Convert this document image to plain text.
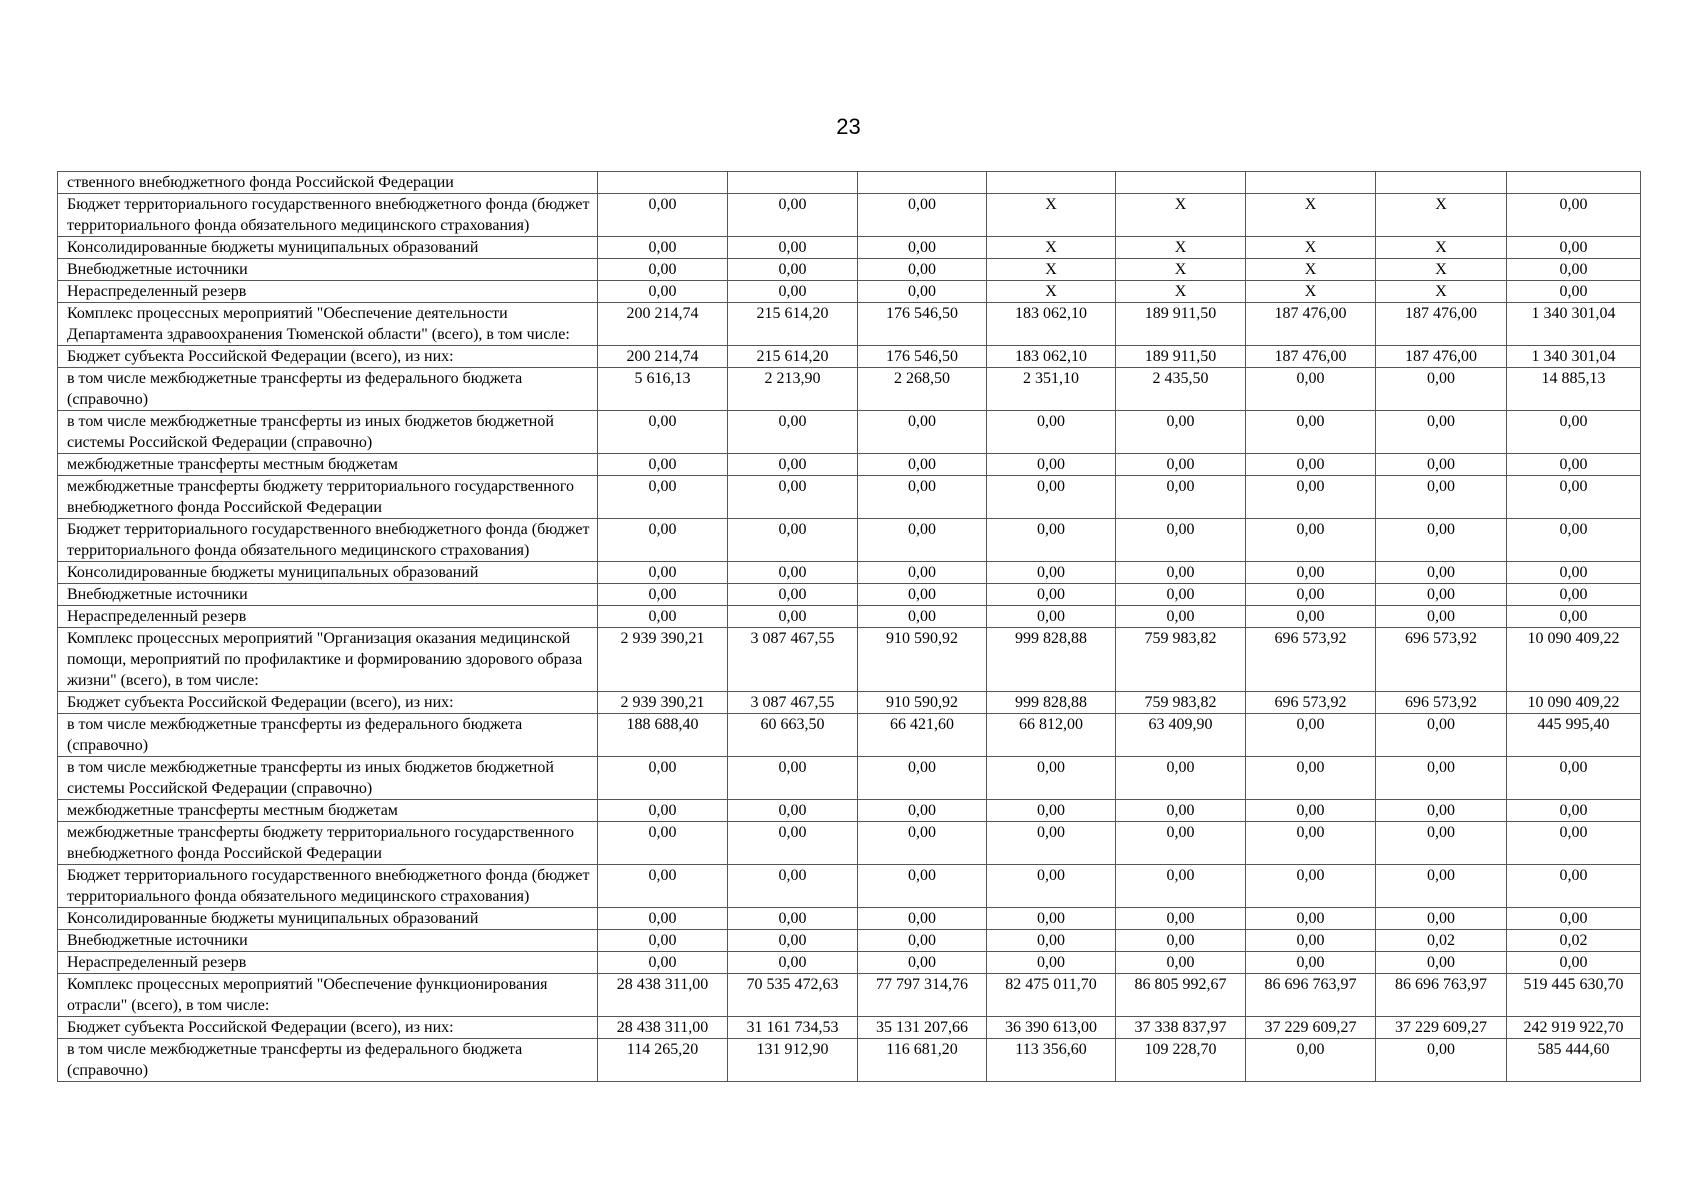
23
ственного внебюджетного фонда Российской Федерации								
Бюджет территориального государственного внебюджетного фонда (бюджет территориального фонда обязательного медицинского страхования)	0,00	0,00	0,00	X	X	X	X	0,00
Консолидированные бюджеты муниципальных образований	0,00	0,00	0,00	X	X	X	X	0,00
Внебюджетные источники	0,00	0,00	0,00	X	X	X	X	0,00
Нераспределенный резерв	0,00	0,00	0,00	X	X	X	X	0,00
Комплекс процессных мероприятий "Обеспечение деятельности Департамента здравоохранения Тюменской области" (всего), в том числе:	200 214,74	215 614,20	176 546,50	183 062,10	189 911,50	187 476,00	187 476,00	1 340 301,04
Бюджет субъекта Российской Федерации (всего), из них:	200 214,74	215 614,20	176 546,50	183 062,10	189 911,50	187 476,00	187 476,00	1 340 301,04
в том числе межбюджетные трансферты из федерального бюджета (справочно)	5 616,13	2 213,90	2 268,50	2 351,10	2 435,50	0,00	0,00	14 885,13
в том числе межбюджетные трансферты из иных бюджетов бюджетной системы Российской Федерации (справочно)	0,00	0,00	0,00	0,00	0,00	0,00	0,00	0,00
межбюджетные трансферты местным бюджетам	0,00	0,00	0,00	0,00	0,00	0,00	0,00	0,00
межбюджетные трансферты бюджету территориального государственного внебюджетного фонда Российской Федерации	0,00	0,00	0,00	0,00	0,00	0,00	0,00	0,00
Бюджет территориального государственного внебюджетного фонда (бюджет территориального фонда обязательного медицинского страхования)	0,00	0,00	0,00	0,00	0,00	0,00	0,00	0,00
Консолидированные бюджеты муниципальных образований	0,00	0,00	0,00	0,00	0,00	0,00	0,00	0,00
Внебюджетные источники	0,00	0,00	0,00	0,00	0,00	0,00	0,00	0,00
Нераспределенный резерв	0,00	0,00	0,00	0,00	0,00	0,00	0,00	0,00
Комплекс процессных мероприятий "Организация оказания медицинской помощи, мероприятий по профилактике и формированию здорового образа жизни" (всего), в том числе:	2 939 390,21	3 087 467,55	910 590,92	999 828,88	759 983,82	696 573,92	696 573,92	10 090 409,22
Бюджет субъекта Российской Федерации (всего), из них:	2 939 390,21	3 087 467,55	910 590,92	999 828,88	759 983,82	696 573,92	696 573,92	10 090 409,22
в том числе межбюджетные трансферты из федерального бюджета (справочно)	188 688,40	60 663,50	66 421,60	66 812,00	63 409,90	0,00	0,00	445 995,40
в том числе межбюджетные трансферты из иных бюджетов бюджетной системы Российской Федерации (справочно)	0,00	0,00	0,00	0,00	0,00	0,00	0,00	0,00
межбюджетные трансферты местным бюджетам	0,00	0,00	0,00	0,00	0,00	0,00	0,00	0,00
межбюджетные трансферты бюджету территориального государственного внебюджетного фонда Российской Федерации	0,00	0,00	0,00	0,00	0,00	0,00	0,00	0,00
Бюджет территориального государственного внебюджетного фонда (бюджет территориального фонда обязательного медицинского страхования)	0,00	0,00	0,00	0,00	0,00	0,00	0,00	0,00
Консолидированные бюджеты муниципальных образований	0,00	0,00	0,00	0,00	0,00	0,00	0,00	0,00
Внебюджетные источники	0,00	0,00	0,00	0,00	0,00	0,00	0,02	0,02
Нераспределенный резерв	0,00	0,00	0,00	0,00	0,00	0,00	0,00	0,00
Комплекс процессных мероприятий "Обеспечение функционирования отрасли" (всего), в том числе:	28 438 311,00	70 535 472,63	77 797 314,76	82 475 011,70	86 805 992,67	86 696 763,97	86 696 763,97	519 445 630,70
Бюджет субъекта Российской Федерации (всего), из них:	28 438 311,00	31 161 734,53	35 131 207,66	36 390 613,00	37 338 837,97	37 229 609,27	37 229 609,27	242 919 922,70
в том числе межбюджетные трансферты из федерального бюджета (справочно)	114 265,20	131 912,90	116 681,20	113 356,60	109 228,70	0,00	0,00	585 444,60
